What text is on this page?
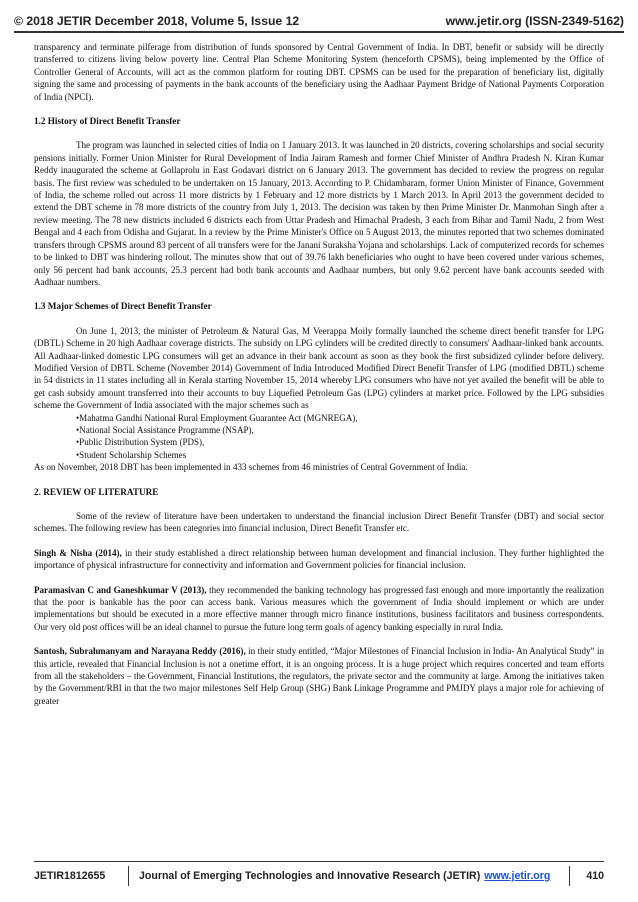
© 2018 JETIR December 2018, Volume 5, Issue 12	www.jetir.org (ISSN-2349-5162)

transparency and terminate pilferage from distribution of funds sponsored by Central Government of India. In DBT, benefit or subsidy will be directly transferred to citizens living below poverty line. Central Plan Scheme Monitoring System (henceforth CPSMS), being implemented by the Office of Controller General of Accounts, will act as the common platform for routing DBT. CPSMS can be used for the preparation of beneficiary list, digitally signing the same and processing of payments in the bank accounts of the beneficiary using the Aadhaar Payment Bridge of National Payments Corporation of India (NPCI).

1.2 History of Direct Benefit Transfer

The program was launched in selected cities of India on 1 January 2013. It was launched in 20 districts, covering scholarships and social security pensions initially. Former Union Minister for Rural Development of India Jairam Ramesh and former Chief Minister of Andhra Pradesh N. Kiran Kumar Reddy inaugurated the scheme at Gollaprolu in East Godavari district on 6 January 2013. The government has decided to review the progress on regular basis. The first review was scheduled to be undertaken on 15 January, 2013. According to P. Chidambaram, former Union Minister of Finance, Government of India, the scheme rolled out across 11 more districts by 1 February and 12 more districts by 1 March 2013. In April 2013 the government decided to extend the DBT scheme in 78 more districts of the country from July 1, 2013. The decision was taken by then Prime Minister Dr. Manmohan Singh after a review meeting. The 78 new districts included 6 districts each from Uttar Pradesh and Himachal Pradesh, 3 each from Bihar and Tamil Nadu, 2 from West Bengal and 4 each from Odisha and Gujarat. In a review by the Prime Minister's Office on 5 August 2013, the minutes reported that two schemes dominated transfers through CPSMS around 83 percent of all transfers were for the Janani Suraksha Yojana and scholarships. Lack of computerized records for schemes to be linked to DBT was hindering rollout. The minutes show that out of 39.76 lakh beneficiaries who ought to have been covered under various schemes, only 56 percent had bank accounts, 25.3 percent had both bank accounts and Aadhaar numbers, but only 9.62 percent have bank accounts seeded with Aadhaar numbers.

1.3 Major Schemes of Direct Benefit Transfer

On June 1, 2013, the minister of Petroleum & Natural Gas, M Veerappa Moily formally launched the scheme direct benefit transfer for LPG (DBTL) Scheme in 20 high Aadhaar coverage districts. The subsidy on LPG cylinders will be credited directly to consumers' Aadhaar-linked bank accounts. All Aadhaar-linked domestic LPG consumers will get an advance in their bank account as soon as they book the first subsidized cylinder before delivery. Modified Version of DBTL Scheme (November 2014) Government of India Introduced Modified Direct Benefit Transfer of LPG (modified DBTL) scheme in 54 districts in 11 states including all in Kerala starting November 15, 2014 whereby LPG consumers who have not yet availed the benefit will be able to get cash subsidy amount transferred into their accounts to buy Liquefied Petroleum Gas (LPG) cylinders at market price. Followed by the LPG subsidies scheme the Government of India associated with the major schemes such as

•Mahatma Gandhi National Rural Employment Guarantee Act (MGNREGA),

•National Social Assistance Programme (NSAP),

•Public Distribution System (PDS),

•Student Scholarship Schemes

As on November, 2018 DBT has been implemented in 433 schemes from 46 ministries of Central Government of India.

2. REVIEW OF LITERATURE

Some of the review of literature have been undertaken to understand the financial inclusion Direct Benefit Transfer (DBT) and social sector schemes. The following review has been categories into financial inclusion, Direct Benefit Transfer etc.

Singh & Nisha (2014), in their study established a direct relationship between human development and financial inclusion. They further highlighted the importance of physical infrastructure for connectivity and information and Government policies for financial inclusion.

Paramasivan C and Ganeshkumar V (2013), they recommended the banking technology has progressed fast enough and more importantly the realization that the poor is bankable has the poor can access bank. Various measures which the government of India should implement or which are under implementations but should be executed in a more effective manner through micro finance institutions, business facilitators and business correspondents. Our very old post offices will be an ideal channel to pursue the future long term goals of agency banking especially in rural India.

Santosh, Subrahmanyam and Narayana Reddy (2016), in their study entitled, “Major Milestones of Financial Inclusion in India- An Analytical Study” in this article, revealed that Financial Inclusion is not a onetime effort, it is an ongoing process. It is a huge project which requires concerted and team efforts from all the stakeholders – the Government, Financial Institutions, the regulators, the private sector and the community at large. Among the initiatives taken by the Government/RBI in that the two major milestones Self Help Group (SHG) Bank Linkage Programme and PMJDY plays a major role for achieving of greater

JETIR1812655	Journal of Emerging Technologies and Innovative Research (JETIR) www.jetir.org	410
